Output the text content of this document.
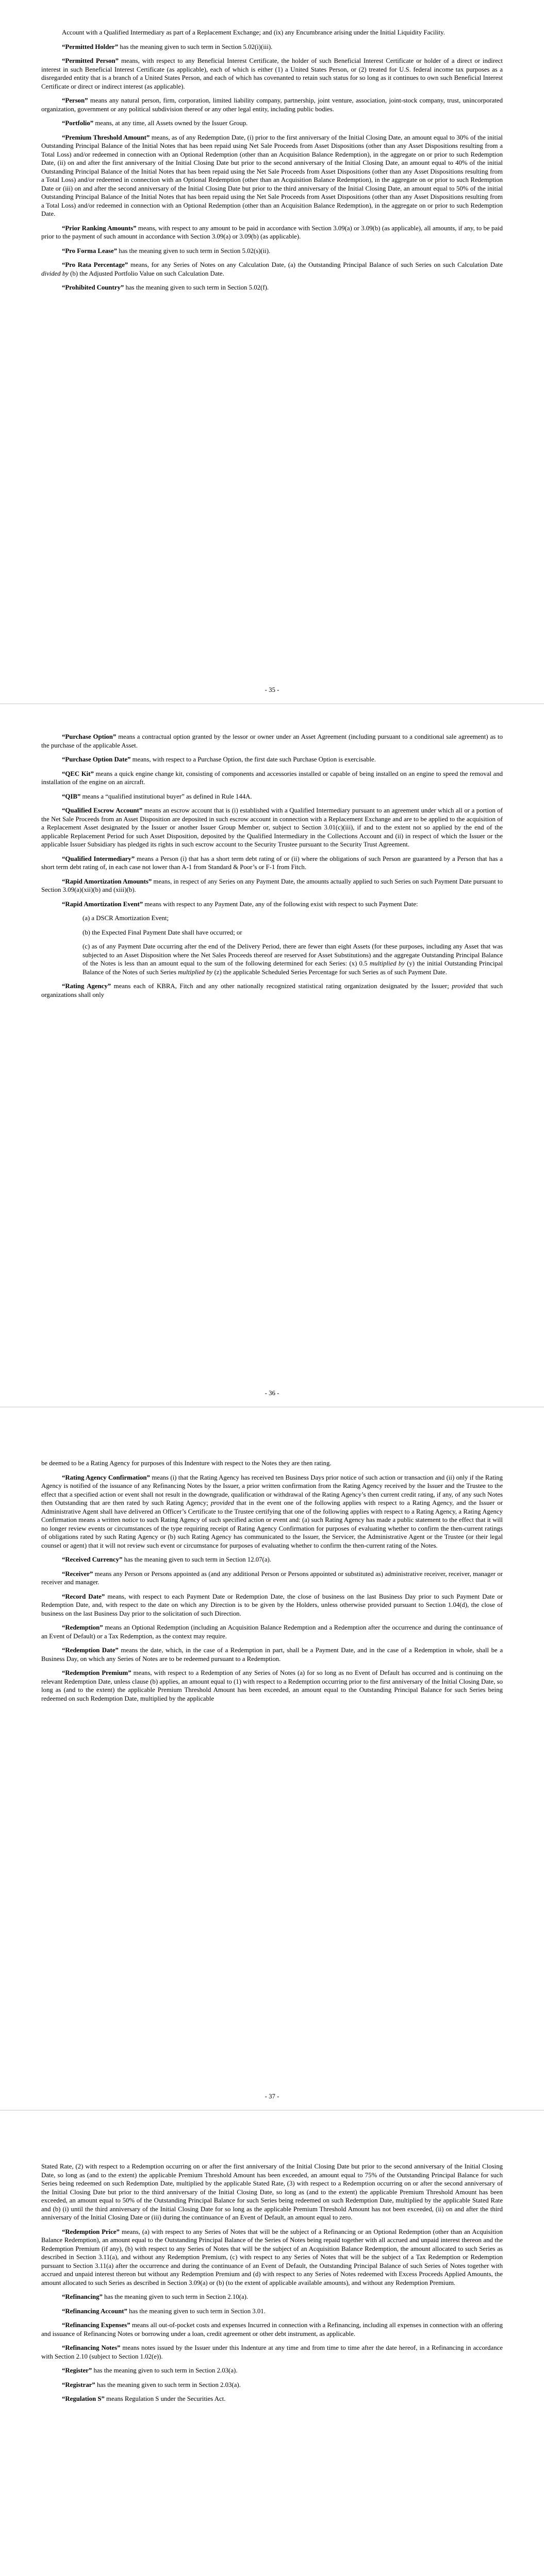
Account with a Qualified Intermediary as part of a Replacement Exchange; and (ix) any Encumbrance arising under the Initial Liquidity Facility.

“Permitted Holder” has the meaning given to such term in Section 5.02(i)(iii).

“Permitted Person” means, with respect to any Beneficial Interest Certificate, the holder of such Beneficial Interest Certificate or holder of a direct or indirect interest in such Beneficial Interest Certificate (as applicable), each of which is either (1) a United States Person, or (2) treated for U.S. federal income tax purposes as a disregarded entity that is a branch of a United States Person, and each of which has covenanted to retain such status for so long as it continues to own such Beneficial Interest Certificate or direct or indirect interest (as applicable).

“Person” means any natural person, firm, corporation, limited liability company, partnership, joint venture, association, joint-stock company, trust, unincorporated organization, government or any political subdivision thereof or any other legal entity, including public bodies.

“Portfolio” means, at any time, all Assets owned by the Issuer Group.

“Premium Threshold Amount” means, as of any Redemption Date, (i) prior to the first anniversary of the Initial Closing Date, an amount equal to 30% of the initial Outstanding Principal Balance of the Initial Notes that has been repaid using Net Sale Proceeds from Asset Dispositions (other than any Asset Dispositions resulting from a Total Loss) and/or redeemed in connection with an Optional Redemption (other than an Acquisition Balance Redemption), in the aggregate on or prior to such Redemption Date, (ii) on and after the first anniversary of the Initial Closing Date but prior to the second anniversary of the Initial Closing Date, an amount equal to 40% of the initial Outstanding Principal Balance of the Initial Notes that has been repaid using the Net Sale Proceeds from Asset Dispositions (other than any Asset Dispositions resulting from a Total Loss) and/or redeemed in connection with an Optional Redemption (other than an Acquisition Balance Redemption), in the aggregate on or prior to such Redemption Date or (iii) on and after the second anniversary of the Initial Closing Date but prior to the third anniversary of the Initial Closing Date, an amount equal to 50% of the initial Outstanding Principal Balance of the Initial Notes that has been repaid using the Net Sale Proceeds from Asset Dispositions (other than any Asset Dispositions resulting from a Total Loss) and/or redeemed in connection with an Optional Redemption (other than an Acquisition Balance Redemption), in the aggregate on or prior to such Redemption Date.

“Prior Ranking Amounts” means, with respect to any amount to be paid in accordance with Section 3.09(a) or 3.09(b) (as applicable), all amounts, if any, to be paid prior to the payment of such amount in accordance with Section 3.09(a) or 3.09(b) (as applicable).

“Pro Forma Lease” has the meaning given to such term in Section 5.02(s)(ii).

“Pro Rata Percentage” means, for any Series of Notes on any Calculation Date, (a) the Outstanding Principal Balance of such Series on such Calculation Date divided by (b) the Adjusted Portfolio Value on such Calculation Date.

“Prohibited Country” has the meaning given to such term in Section 5.02(f).

- 35 -

“Purchase Option” means a contractual option granted by the lessor or owner under an Asset Agreement (including pursuant to a conditional sale agreement) as to the purchase of the applicable Asset.

“Purchase Option Date” means, with respect to a Purchase Option, the first date such Purchase Option is exercisable.

“QEC Kit” means a quick engine change kit, consisting of components and accessories installed or capable of being installed on an engine to speed the removal and installation of the engine on an aircraft.

“QIB” means a “qualified institutional buyer” as defined in Rule 144A.

“Qualified Escrow Account” means an escrow account that is (i) established with a Qualified Intermediary pursuant to an agreement under which all or a portion of the Net Sale Proceeds from an Asset Disposition are deposited in such escrow account in connection with a Replacement Exchange and are to be applied to the acquisition of a Replacement Asset designated by the Issuer or another Issuer Group Member or, subject to Section 3.01(c)(iii), if and to the extent not so applied by the end of the applicable Replacement Period for such Asset Disposition, deposited by the Qualified Intermediary in the Collections Account and (ii) in respect of which the Issuer or the applicable Issuer Subsidiary has pledged its rights in such escrow account to the Security Trustee pursuant to the Security Trust Agreement.

“Qualified Intermediary” means a Person (i) that has a short term debt rating of or (ii) where the obligations of such Person are guaranteed by a Person that has a short term debt rating of, in each case not lower than A-1 from Standard & Poor’s or F-1 from Fitch.

“Rapid Amortization Amounts” means, in respect of any Series on any Payment Date, the amounts actually applied to such Series on such Payment Date pursuant to Section 3.09(a)(xii)(b) and (xiii)(b).

“Rapid Amortization Event” means with respect to any Payment Date, any of the following exist with respect to such Payment Date:

(a) a DSCR Amortization Event;

(b) the Expected Final Payment Date shall have occurred; or

(c) as of any Payment Date occurring after the end of the Delivery Period, there are fewer than eight Assets (for these purposes, including any Asset that was subjected to an Asset Disposition where the Net Sales Proceeds thereof are reserved for Asset Substitutions) and the aggregate Outstanding Principal Balance of the Notes is less than an amount equal to the sum of the following determined for each Series: (x) 0.5 multiplied by (y) the initial Outstanding Principal Balance of the Notes of such Series multiplied by (z) the applicable Scheduled Series Percentage for such Series as of such Payment Date.

“Rating Agency” means each of KBRA, Fitch and any other nationally recognized statistical rating organization designated by the Issuer; provided that such organizations shall only

- 36 -

be deemed to be a Rating Agency for purposes of this Indenture with respect to the Notes they are then rating.

“Rating Agency Confirmation” means (i) that the Rating Agency has received ten Business Days prior notice of such action or transaction and (ii) only if the Rating Agency is notified of the issuance of any Refinancing Notes by the Issuer, a prior written confirmation from the Rating Agency received by the Issuer and the Trustee to the effect that a specified action or event shall not result in the downgrade, qualification or withdrawal of the Rating Agency’s then current credit rating, if any, of any such Notes then Outstanding that are then rated by such Rating Agency; provided that in the event one of the following applies with respect to a Rating Agency, and the Issuer or Administrative Agent shall have delivered an Officer’s Certificate to the Trustee certifying that one of the following applies with respect to a Rating Agency, a Rating Agency Confirmation means a written notice to such Rating Agency of such specified action or event and: (a) such Rating Agency has made a public statement to the effect that it will no longer review events or circumstances of the type requiring receipt of Rating Agency Confirmation for purposes of evaluating whether to confirm the then-current ratings of obligations rated by such Rating Agency or (b) such Rating Agency has communicated to the Issuer, the Servicer, the Administrative Agent or the Trustee (or their legal counsel or agent) that it will not review such event or circumstance for purposes of evaluating whether to confirm the then-current rating of the Notes.

“Received Currency” has the meaning given to such term in Section 12.07(a).

“Receiver” means any Person or Persons appointed as (and any additional Person or Persons appointed or substituted as) administrative receiver, receiver, manager or receiver and manager.

“Record Date” means, with respect to each Payment Date or Redemption Date, the close of business on the last Business Day prior to such Payment Date or Redemption Date, and, with respect to the date on which any Direction is to be given by the Holders, unless otherwise provided pursuant to Section 1.04(d), the close of business on the last Business Day prior to the solicitation of such Direction.

“Redemption” means an Optional Redemption (including an Acquisition Balance Redemption and a Redemption after the occurrence and during the continuance of an Event of Default) or a Tax Redemption, as the context may require.

“Redemption Date” means the date, which, in the case of a Redemption in part, shall be a Payment Date, and in the case of a Redemption in whole, shall be a Business Day, on which any Series of Notes are to be redeemed pursuant to a Redemption.

“Redemption Premium” means, with respect to a Redemption of any Series of Notes (a) for so long as no Event of Default has occurred and is continuing on the relevant Redemption Date, unless clause (b) applies, an amount equal to (1) with respect to a Redemption occurring prior to the first anniversary of the Initial Closing Date, so long as (and to the extent) the applicable Premium Threshold Amount has been exceeded, an amount equal to the Outstanding Principal Balance for such Series being redeemed on such Redemption Date, multiplied by the applicable

- 37 -

Stated Rate, (2) with respect to a Redemption occurring on or after the first anniversary of the Initial Closing Date but prior to the second anniversary of the Initial Closing Date, so long as (and to the extent) the applicable Premium Threshold Amount has been exceeded, an amount equal to 75% of the Outstanding Principal Balance for such Series being redeemed on such Redemption Date, multiplied by the applicable Stated Rate, (3) with respect to a Redemption occurring on or after the second anniversary of the Initial Closing Date but prior to the third anniversary of the Initial Closing Date, so long as (and to the extent) the applicable Premium Threshold Amount has been exceeded, an amount equal to 50% of the Outstanding Principal Balance for such Series being redeemed on such Redemption Date, multiplied by the applicable Stated Rate and (b) (i) until the third anniversary of the Initial Closing Date for so long as the applicable Premium Threshold Amount has not been exceeded, (ii) on and after the third anniversary of the Initial Closing Date or (iii) during the continuance of an Event of Default, an amount equal to zero.

“Redemption Price” means, (a) with respect to any Series of Notes that will be the subject of a Refinancing or an Optional Redemption (other than an Acquisition Balance Redemption), an amount equal to the Outstanding Principal Balance of the Series of Notes being repaid together with all accrued and unpaid interest thereon and the Redemption Premium (if any), (b) with respect to any Series of Notes that will be the subject of an Acquisition Balance Redemption, the amount allocated to such Series as described in Section 3.11(a), and without any Redemption Premium, (c) with respect to any Series of Notes that will be the subject of a Tax Redemption or Redemption pursuant to Section 3.11(a) after the occurrence and during the continuance of an Event of Default, the Outstanding Principal Balance of such Series of Notes together with accrued and unpaid interest thereon but without any Redemption Premium and (d) with respect to any Series of Notes redeemed with Excess Proceeds Applied Amounts, the amount allocated to such Series as described in Section 3.09(a) or (b) (to the extent of applicable available amounts), and without any Redemption Premium.

“Refinancing” has the meaning given to such term in Section 2.10(a).

“Refinancing Account” has the meaning given to such term in Section 3.01.

“Refinancing Expenses” means all out-of-pocket costs and expenses Incurred in connection with a Refinancing, including all expenses in connection with an offering and issuance of Refinancing Notes or borrowing under a loan, credit agreement or other debt instrument, as applicable.

“Refinancing Notes” means notes issued by the Issuer under this Indenture at any time and from time to time after the date hereof, in a Refinancing in accordance with Section 2.10 (subject to Section 1.02(e)).

“Register” has the meaning given to such term in Section 2.03(a).

“Registrar” has the meaning given to such term in Section 2.03(a).

“Regulation S” means Regulation S under the Securities Act.
